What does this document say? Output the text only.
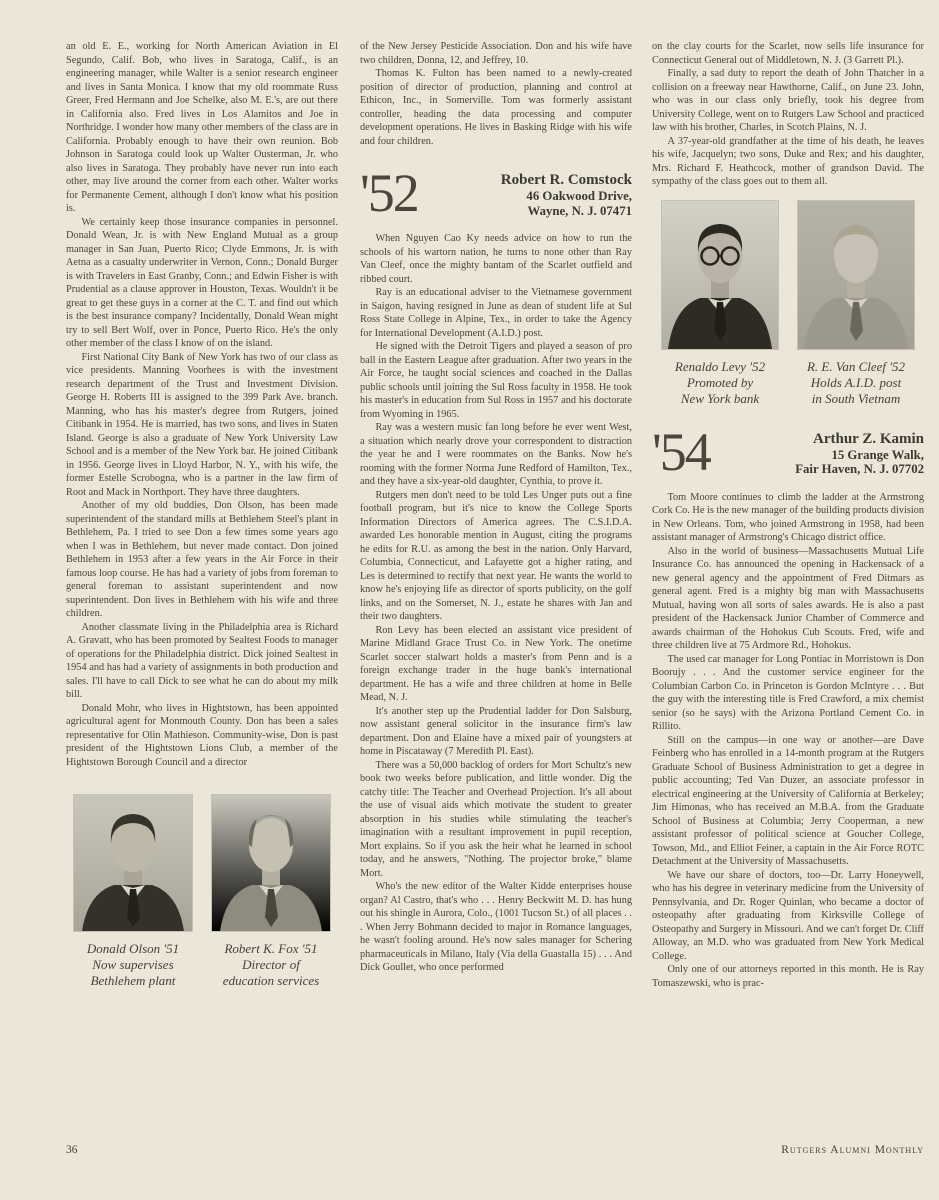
an old E. E., working for North American Aviation in El Segundo, Calif. Bob, who lives in Saratoga, Calif., is an engineering manager, while Walter is a senior research engineer and lives in Santa Monica. I know that my old roommate Russ Greer, Fred Hermann and Joe Schelke, also M. E.'s, are out there in California also. Fred lives in Los Alamitos and Joe in Northridge. I wonder how many other members of the class are in California. Probably enough to have their own reunion. Bob Johnson in Saratoga could look up Walter Ousterman, Jr. who also lives in Saratoga. They probably have never run into each other, may live around the corner from each other. Walter works for Permanente Cement, although I don't know what his position is.

We certainly keep those insurance companies in personnel. Donald Wean, Jr. is with New England Mutual as a group manager in San Juan, Puerto Rico; Clyde Emmons, Jr. is with Aetna as a casualty underwriter in Vernon, Conn.; Donald Burger is with Travelers in East Granby, Conn.; and Edwin Fisher is with Prudential as a clause approver in Houston, Texas. Wouldn't it be great to get these guys in a corner at the C. T. and find out which is the best insurance company? Incidentally, Donald Wean might try to sell Bert Wolf, over in Ponce, Puerto Rico. He's the only other member of the class I know of on the island.

First National City Bank of New York has two of our class as vice presidents. Manning Voorhees is with the investment research department of the Trust and Investment Division. George H. Roberts III is assigned to the 399 Park Ave. branch. Manning, who has his master's degree from Rutgers, joined Citibank in 1954. He is married, has two sons, and lives in Staten Island. George is also a graduate of New York University Law School and is a member of the New York bar. He joined Citibank in 1956. George lives in Lloyd Harbor, N. Y., with his wife, the former Estelle Scrobogna, who is a partner in the law firm of Root and Mack in Northport. They have three daughters.

Another of my old buddies, Don Olson, has been made superintendent of the standard mills at Bethlehem Steel's plant in Bethlehem, Pa. I tried to see Don a few times some years ago when I was in Bethlehem, but never made contact. Don joined Bethlehem in 1953 after a few years in the Air Force in their famous loop course. He has had a variety of jobs from foreman to general foreman to assistant superintendent and now superintendent. Don lives in Bethlehem with his wife and three children.

Another classmate living in the Philadelphia area is Richard A. Gravatt, who has been promoted by Sealtest Foods to manager of operations for the Philadelphia district. Dick joined Sealtest in 1954 and has had a variety of assignments in both production and sales. I'll have to call Dick to see what he can do about my milk bill.

Donald Mohr, who lives in Hightstown, has been appointed agricultural agent for Monmouth County. Don has been a sales representative for Olin Mathieson. Community-wise, Don is past president of the Hightstown Lions Club, a member of the Hightstown Borough Council and a director

Donald Olson '51
Now supervises
Bethlehem plant
Robert K. Fox '51
Director of
education services

of the New Jersey Pesticide Association. Don and his wife have two children, Donna, 12, and Jeffrey, 10.

Thomas K. Fulton has been named to a newly-created position of director of production, planning and control at Ethicon, Inc., in Somerville. Tom was formerly assistant controller, heading the data processing and computer development operations. He lives in Basking Ridge with his wife and four children.

'52	Robert R. Comstock
46 Oakwood Drive,
Wayne, N. J. 07471

When Nguyen Cao Ky needs advice on how to run the schools of his wartorn nation, he turns to none other than Ray Van Cleef, once the mighty bantam of the Scarlet outfield and ribbed court.

Ray is an educational adviser to the Vietnamese government in Saigon, having resigned in June as dean of student life at Sul Ross State College in Alpine, Tex., in order to take the Agency for International Development (A.I.D.) post.

He signed with the Detroit Tigers and played a season of pro ball in the Eastern League after graduation. After two years in the Air Force, he taught social sciences and coached in the Dallas public schools until joining the Sul Ross faculty in 1958. He took his master's in education from Sul Ross in 1957 and his doctorate from Wyoming in 1965.

Ray was a western music fan long before he ever went West, a situation which nearly drove your correspondent to distraction the year he and I were roommates on the Banks. Now he's rooming with the former Norma June Redford of Hamilton, Tex., and they have a six-year-old daughter, Cynthia, to prove it.

Rutgers men don't need to be told Les Unger puts out a fine football program, but it's nice to know the College Sports Information Directors of America agrees. The C.S.I.D.A. awarded Les honorable mention in August, citing the programs he edits for R.U. as among the best in the nation. Only Harvard, Columbia, Connecticut, and Lafayette got a higher rating, and Les is determined to rectify that next year. He wants the world to know he's enjoying life as director of sports publicity, on the golf links, and on the Somerset, N. J., estate he shares with Jan and their two daughters.

Ron Levy has been elected an assistant vice president of Marine Midland Grace Trust Co. in New York. The onetime Scarlet soccer stalwart holds a master's from Penn and is a foreign exchange trader in the huge bank's international department. He has a wife and three children at home in Belle Mead, N. J.

It's another step up the Prudential ladder for Don Salsburg, now assistant general solicitor in the insurance firm's law department. Don and Elaine have a mixed pair of youngsters at home in Piscataway (7 Meredith Pl. East).

There was a 50,000 backlog of orders for Mort Schultz's new book two weeks before publication, and little wonder. Dig the catchy title: The Teacher and Overhead Projection. It's all about the use of visual aids which motivate the student to greater absorption in his studies while stimulating the teacher's imagination with a resultant improvement in pupil reception, Mort explains. So if you ask the heir what he learned in school today, and he answers, "Nothing. The projector broke," blame Mort.

Who's the new editor of the Walter Kidde enterprises house organ? Al Castro, that's who . . . Henry Beckwitt M. D. has hung out his shingle in Aurora, Colo., (1001 Tucson St.) of all places . . . When Jerry Bohmann decided to major in Romance languages, he wasn't fooling around. He's now sales manager for Schering pharmaceuticals in Milano, Italy (Via della Guastalla 15) . . . And Dick Goullet, who once performed

on the clay courts for the Scarlet, now sells life insurance for Connecticut General out of Middletown, N. J. (3 Garrett Pl.).

Finally, a sad duty to report the death of John Thatcher in a collision on a freeway near Hawthorne, Calif., on June 23. John, who was in our class only briefly, took his degree from University College, went on to Rutgers Law School and practiced law with his brother, Charles, in Scotch Plains, N. J.

A 37-year-old grandfather at the time of his death, he leaves his wife, Jacquelyn; two sons, Duke and Rex; and his daughter, Mrs. Richard F. Heathcock, mother of grandson David. The sympathy of the class goes out to them all.

Renaldo Levy '52
Promoted by
New York bank
R. E. Van Cleef '52
Holds A.I.D. post
in South Vietnam
'54	Arthur Z. Kamin
15 Grange Walk,
Fair Haven, N. J. 07702

Tom Moore continues to climb the ladder at the Armstrong Cork Co. He is the new manager of the building products division in New Orleans. Tom, who joined Armstrong in 1958, had been assistant manager of Armstrong's Chicago district office.

Also in the world of business—Massachusetts Mutual Life Insurance Co. has announced the opening in Hackensack of a new general agency and the appointment of Fred Ditmars as general agent. Fred is a mighty big man with Massachusetts Mutual, having won all sorts of sales awards. He is also a past president of the Hackensack Junior Chamber of Commerce and awards chairman of the Hohokus Cub Scouts. Fred, wife and three children live at 75 Ardmore Rd., Hohokus.

The used car manager for Long Pontiac in Morristown is Don Boorujy . . . And the customer service engineer for the Columbian Carbon Co. in Princeton is Gordon McIntyre . . . But the guy with the interesting title is Fred Crawford, a mix chemist senior (so he says) with the Arizona Portland Cement Co. in Rillito.

Still on the campus—in one way or another—are Dave Feinberg who has enrolled in a 14-month program at the Rutgers Graduate School of Business Administration to get a degree in public accounting; Ted Van Duzer, an associate professor in electrical engineering at the University of California at Berkeley; Jim Himonas, who has received an M.B.A. from the Graduate School of Business at Columbia; Jerry Cooperman, a new assistant professor of political science at Goucher College, Towson, Md., and Elliot Feiner, a captain in the Air Force ROTC Detachment at the University of Massachusetts.

We have our share of doctors, too—Dr. Larry Honeywell, who has his degree in veterinary medicine from the University of Pennsylvania, and Dr. Roger Quinlan, who became a doctor of osteopathy after graduating from Kirksville College of Osteopathy and Surgery in Missouri. And we can't forget Dr. Cliff Alloway, an M.D. who was graduated from New York Medical College.

Only one of our attorneys reported in this month. He is Ray Tomaszewski, who is prac-

36	Rutgers Alumni Monthly
